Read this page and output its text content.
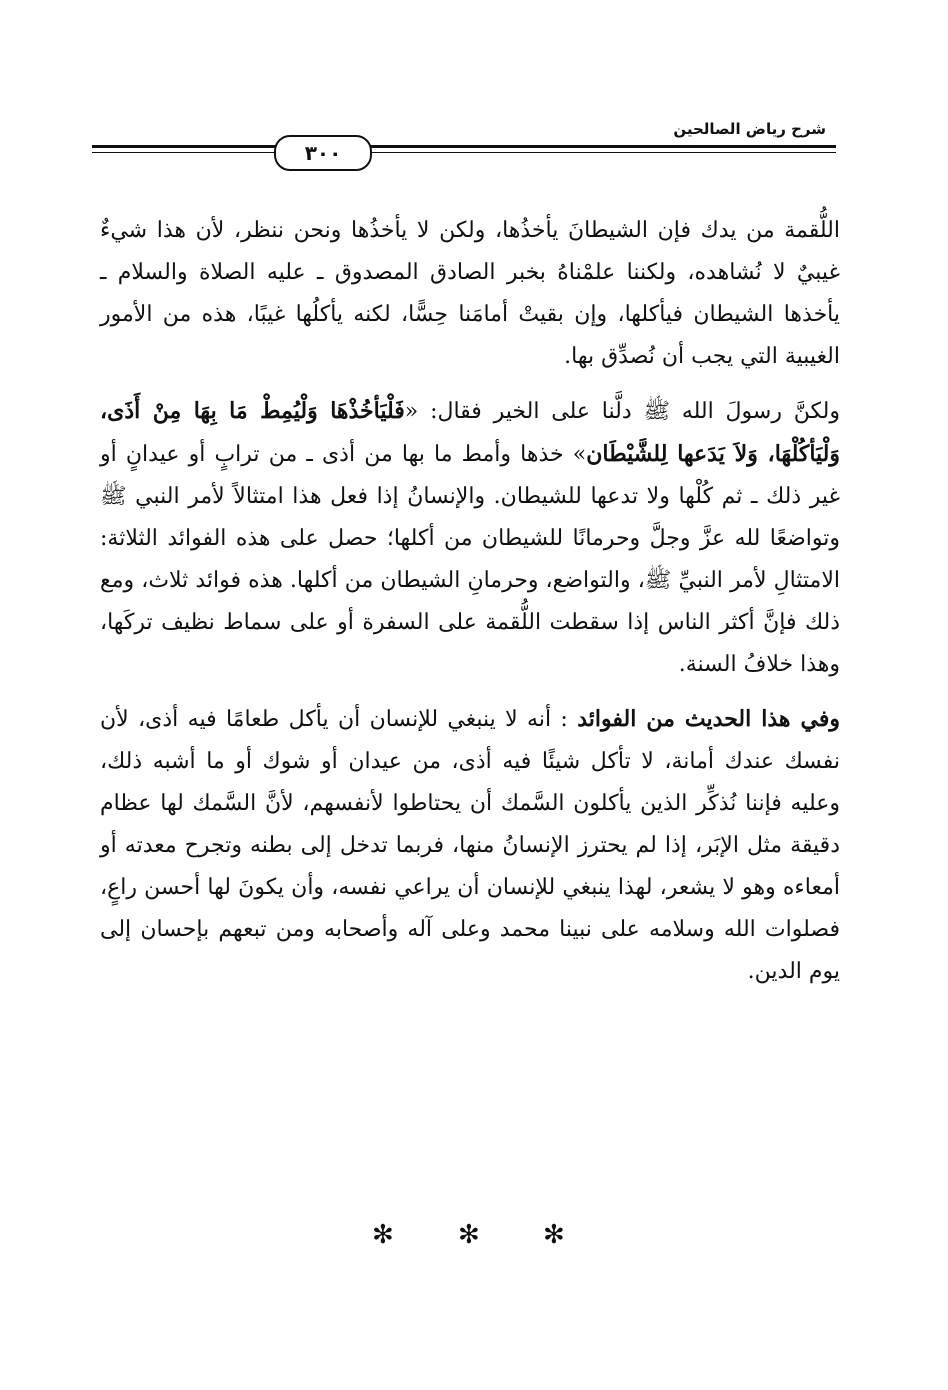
شرح رياض الصالحين
٣٠٠

اللُّقمة من يدك فإن الشيطانَ يأخذُها، ولكن لا يأخذُها ونحن ننظر، لأن هذا شيءٌ غيبيٌ لا نُشاهده، ولكننا علمْناهُ بخبر الصادق المصدوق ـ عليه الصلاة والسلام ـ يأخذها الشيطان فيأكلها، وإن بقيتْ أمامَنا حِسًّا، لكنه يأكلُها غيبًا، هذه من الأمور الغيبية التي يجب أن نُصدِّق بها.

ولكنَّ رسولَ الله ﷺ دلَّنا على الخير فقال: «فَلْيَأخُذْهَا وَلْيُمِطْ مَا بِهَا مِنْ أَذَى، وَلْيَأكُلْهَا، وَلاَ يَدَعها لِلشَّيْطَان» خذها وأمط ما بها من أذى ـ من ترابٍ أو عيدانٍ أو غير ذلك ـ ثم كُلْها ولا تدعها للشيطان. والإنسانُ إذا فعل هذا امتثالاً لأمر النبي ﷺ وتواضعًا لله عزَّ وجلَّ وحرمانًا للشيطان من أكلها؛ حصل على هذه الفوائد الثلاثة: الامتثالِ لأمر النبيِّ ﷺ، والتواضع، وحرمانِ الشيطان من أكلها. هذه فوائد ثلاث، ومع ذلك فإنَّ أكثر الناس إذا سقطت اللُّقمة على السفرة أو على سماط نظيف تركَها، وهذا خلافُ السنة.

وفي هذا الحديث من الفوائد : أنه لا ينبغي للإنسان أن يأكل طعامًا فيه أذى، لأن نفسك عندك أمانة، لا تأكل شيئًا فيه أذى، من عيدان أو شوك أو ما أشبه ذلك، وعليه فإننا نُذكِّر الذين يأكلون السَّمك أن يحتاطوا لأنفسهم، لأنَّ السَّمك لها عظام دقيقة مثل الإبَر، إذا لم يحترز الإنسانُ منها، فربما تدخل إلى بطنه وتجرح معدته أو أمعاءه وهو لا يشعر، لهذا ينبغي للإنسان أن يراعي نفسه، وأن يكونَ لها أحسن راعٍ، فصلوات الله وسلامه على نبينا محمد وعلى آله وأصحابه ومن تبعهم بإحسان إلى يوم الدين.

✻ ✻ ✻
